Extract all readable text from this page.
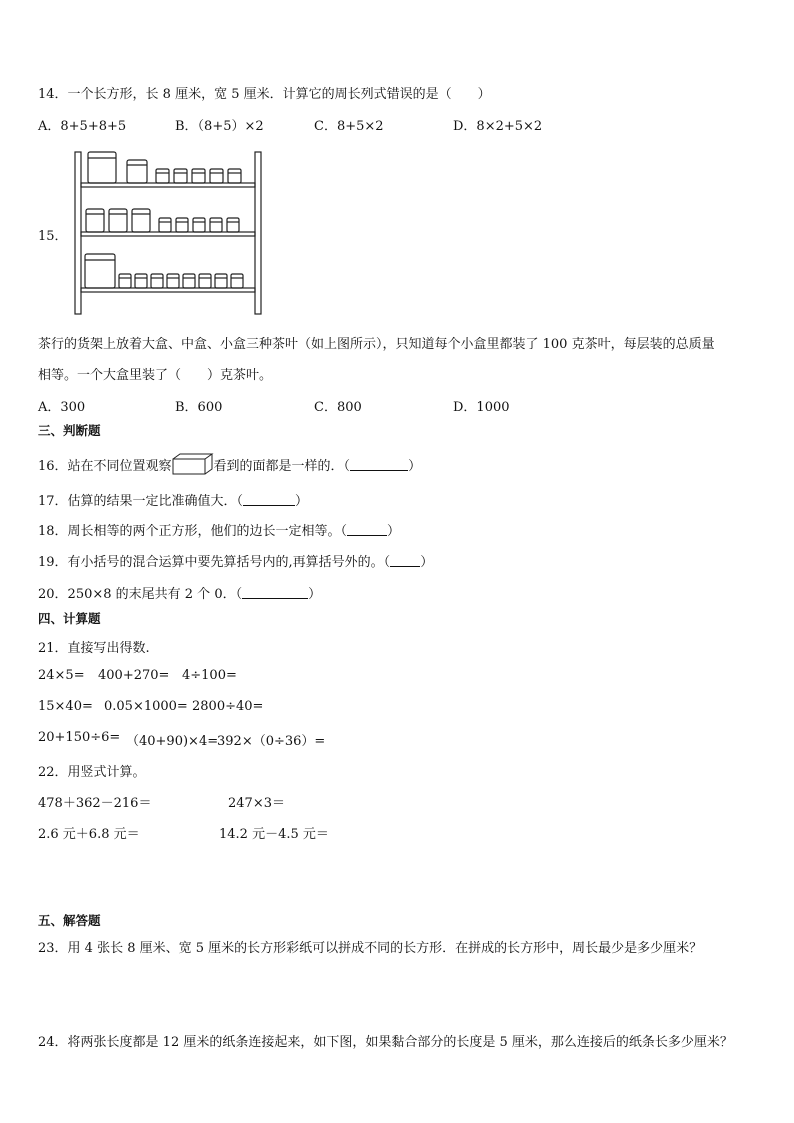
14．一个长方形，长 8 厘米，宽 5 厘米．计算它的周长列式错误的是（　　）
A．8+5+8+5	B．（8+5）×2	C．8+5×2	D．8×2+5×2
15．
茶行的货架上放着大盒、中盒、小盒三种茶叶（如上图所示），只知道每个小盒里都装了 100 克茶叶，每层装的总质量
相等。一个大盒里装了（　　）克茶叶。
A．300	B．600	C．800	D．1000
三、判断题
16．站在不同位置观察	看到的面都是一样的．（	）
17．估算的结果一定比准确值大．（	）
18．周长相等的两个正方形，他们的边长一定相等。（	）
19．有小括号的混合运算中要先算括号内的,再算括号外的。（ ）
20．250×8 的末尾共有 2 个 0．（	）
四、计算题
21．直接写出得数.
24×5= 400+270= 4÷100=
15×40= 0.05×1000= 2800÷40=
20+150÷6= （40+90)×4=
392×（0÷36）=
22．用竖式计算。
478＋362－216＝	247×3＝
2.6 元＋6.8 元＝	14.2 元－4.5 元＝
五、解答题
23．用 4 张长 8 厘米、宽 5 厘米的长方形彩纸可以拼成不同的长方形．在拼成的长方形中，周长最少是多少厘米？
24．将两张长度都是 12 厘米的纸条连接起来，如下图，如果黏合部分的长度是 5 厘米，那么连接后的纸条长多少厘米？
